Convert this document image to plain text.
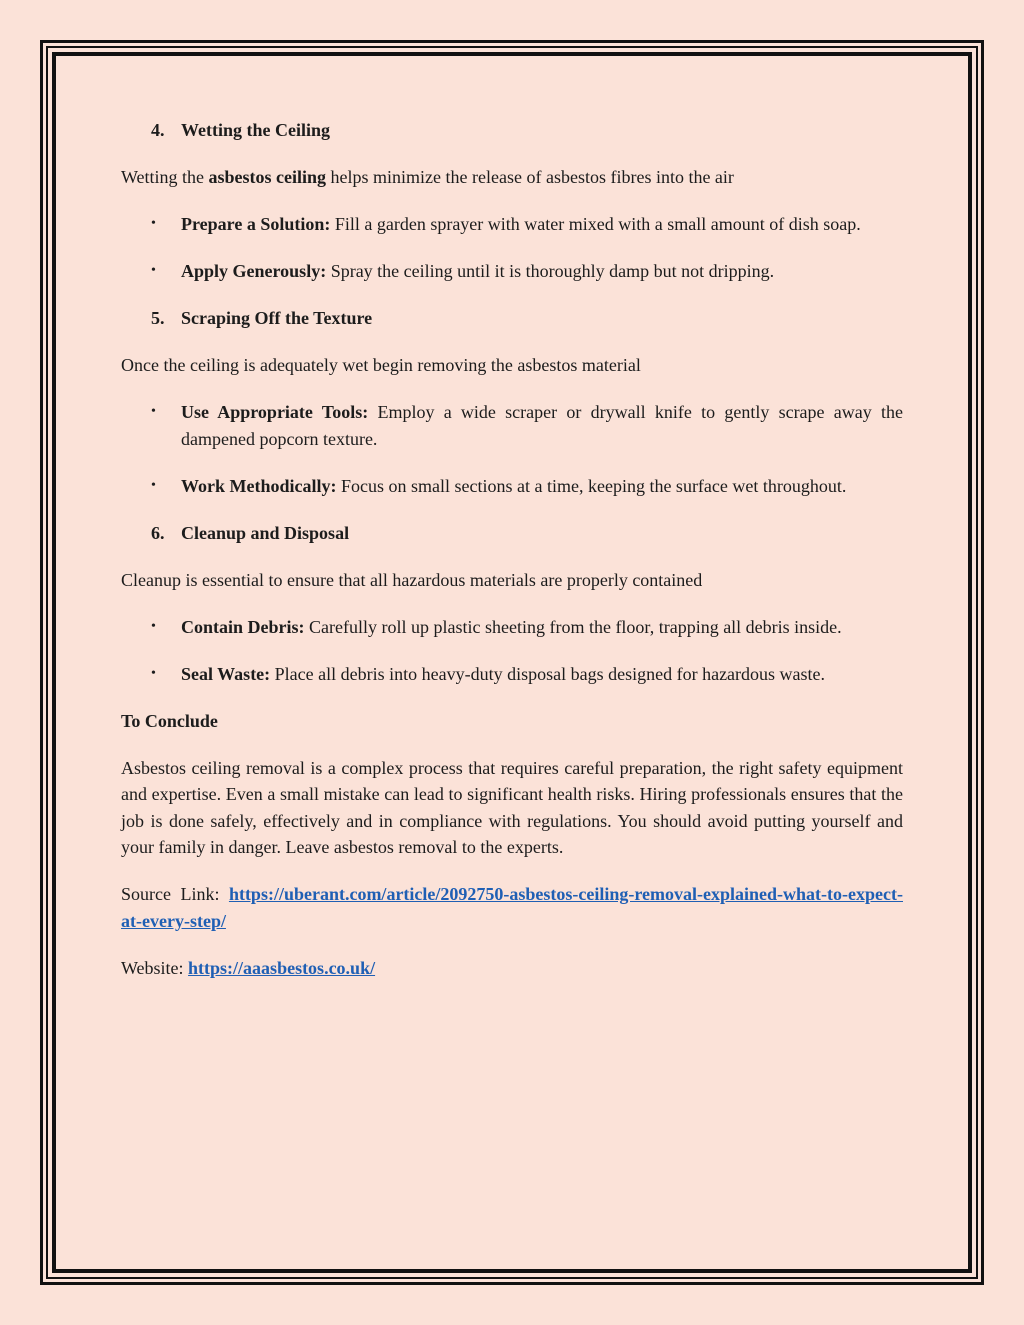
4. Wetting the Ceiling

Wetting the asbestos ceiling helps minimize the release of asbestos fibres into the air

• Prepare a Solution: Fill a garden sprayer with water mixed with a small amount of dish soap.
• Apply Generously: Spray the ceiling until it is thoroughly damp but not dripping.
5. Scraping Off the Texture

Once the ceiling is adequately wet begin removing the asbestos material

• Use Appropriate Tools: Employ a wide scraper or drywall knife to gently scrape away the dampened popcorn texture.
• Work Methodically: Focus on small sections at a time, keeping the surface wet throughout.
6. Cleanup and Disposal

Cleanup is essential to ensure that all hazardous materials are properly contained

• Contain Debris: Carefully roll up plastic sheeting from the floor, trapping all debris inside.
• Seal Waste: Place all debris into heavy-duty disposal bags designed for hazardous waste.

To Conclude

Asbestos ceiling removal is a complex process that requires careful preparation, the right safety equipment and expertise. Even a small mistake can lead to significant health risks. Hiring professionals ensures that the job is done safely, effectively and in compliance with regulations. You should avoid putting yourself and your family in danger. Leave asbestos removal to the experts.

Source Link: https://uberant.com/article/2092750-asbestos-ceiling-removal-explained-what-to-expect-at-every-step/

Website: https://aaasbestos.co.uk/
